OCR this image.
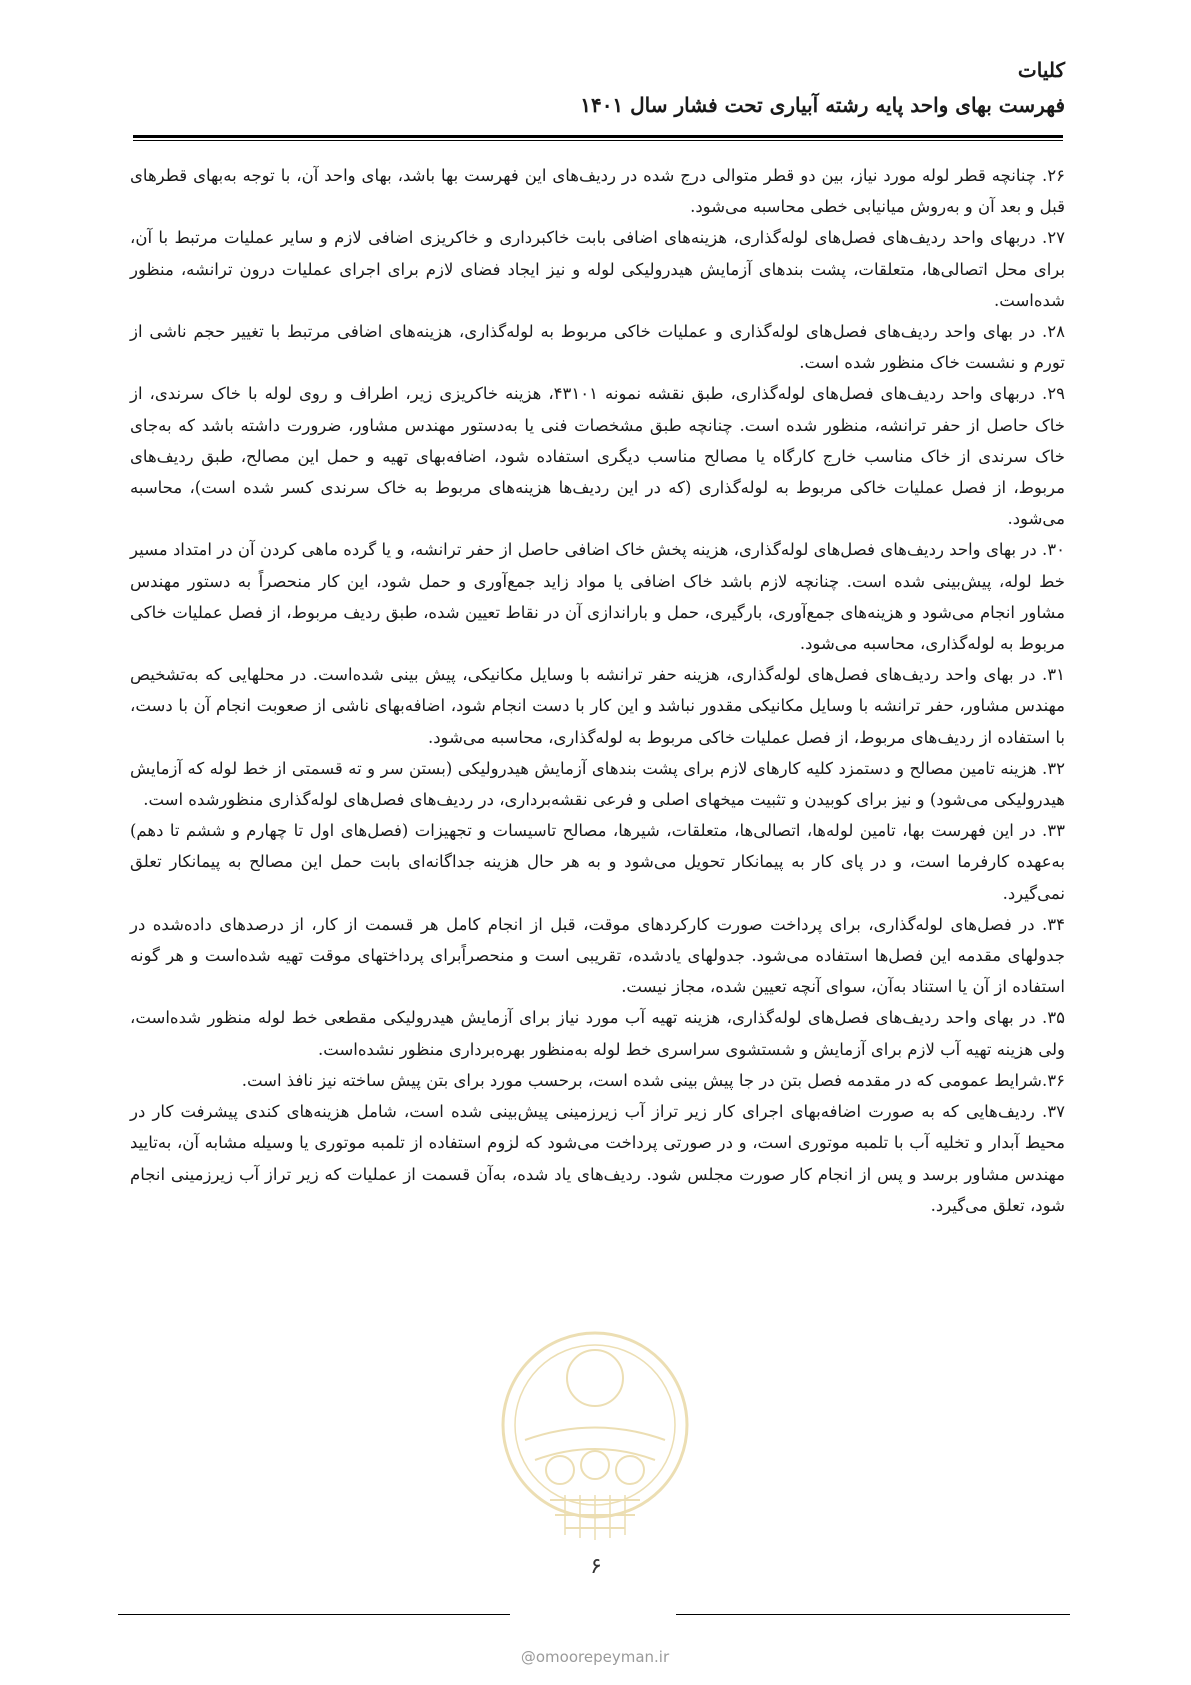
کلیات
فهرست بهای واحد پایه رشته آبیاری تحت فشار سال ۱۴۰۱

۲۶. چنانچه قطر لوله مورد نیاز، بین دو قطر متوالی درج شده در ردیف‌های این فهرست بها باشد، بهای واحد آن، با توجه به‌بهای قطرهای قبل و بعد آن و به‌روش میانیابی خطی محاسبه می‌شود.

۲۷. دربهای واحد ردیف‌های فصل‌های لوله‌گذاری، هزینه‌های اضافی بابت خاکبرداری و خاکریزی اضافی لازم و سایر عملیات مرتبط با آن، برای محل اتصالی‌ها، متعلقات، پشت بندهای آزمایش هیدرولیکی لوله و نیز ایجاد فضای لازم برای اجرای عملیات درون ترانشه، منظور شده‌است.

۲۸. در بهای واحد ردیف‌های فصل‌های لوله‌گذاری و عملیات خاکی مربوط به لوله‌گذاری، هزینه‌های اضافی مرتبط با تغییر حجم ناشی از تورم و نشست خاک منظور شده است.

۲۹. دربهای واحد ردیف‌های فصل‌های لوله‌گذاری، طبق نقشه نمونه ۴۳۱۰۱، هزینه خاکریزی زیر، اطراف و روی لوله با خاک سرندی، از خاک حاصل از حفر ترانشه، منظور شده است. چنانچه طبق مشخصات فنی یا به‌دستور مهندس مشاور، ضرورت داشته باشد که به‌جای خاک سرندی از خاک مناسب خارج کارگاه یا مصالح مناسب دیگری استفاده شود، اضافه‌بهای تهیه و حمل این مصالح، طبق ردیف‌های مربوط، از فصل عملیات خاکی مربوط به لوله‌گذاری (که در این ردیف‌ها هزینه‌های مربوط به خاک سرندی کسر شده است)، محاسبه می‌شود.

۳۰. در بهای واحد ردیف‌های فصل‌های لوله‌گذاری، هزینه پخش خاک اضافی حاصل از حفر ترانشه، و یا گرده ماهی کردن آن در امتداد مسیر خط لوله، پیش‌بینی شده است. چنانچه لازم باشد خاک اضافی یا مواد زاید جمع‌آوری و حمل شود، این کار منحصراً به دستور مهندس مشاور انجام می‌شود و هزینه‌های جمع‌آوری، بارگیری، حمل و باراندازی آن در نقاط تعیین شده، طبق ردیف مربوط، از فصل عملیات خاکی مربوط به لوله‌گذاری، محاسبه می‌شود.

۳۱. در بهای واحد ردیف‌های فصل‌های لوله‌گذاری، هزینه حفر ترانشه با وسایل مکانیکی، پیش بینی شده‌است. در محلهایی که به‌تشخیص مهندس مشاور، حفر ترانشه با وسایل مکانیکی مقدور نباشد و این کار با دست انجام شود، اضافه‌بهای ناشی از صعوبت انجام آن با دست، با استفاده از ردیف‌های مربوط، از فصل عملیات خاکی مربوط به لوله‌گذاری، محاسبه می‌شود.

۳۲. هزینه تامین مصالح و دستمزد کلیه کارهای لازم برای پشت بندهای آزمایش هیدرولیکی (بستن سر و ته قسمتی از خط لوله که آزمایش هیدرولیکی می‌شود) و نیز برای کوبیدن و تثبیت میخهای اصلی و فرعی نقشه‌برداری، در ردیف‌های فصل‌های لوله‌گذاری منظورشده است.

۳۳. در این فهرست بها، تامین لوله‌ها، اتصالی‌ها، متعلقات، شیرها، مصالح تاسیسات و تجهیزات (فصل‌های اول تا چهارم و ششم تا دهم) به‌عهده کارفرما است، و در پای کار به پیمانکار تحویل می‌شود و به هر حال هزینه جداگانه‌ای بابت حمل این مصالح به پیمانکار تعلق نمی‌گیرد.

۳۴. در فصل‌های لوله‌گذاری، برای پرداخت صورت کارکردهای موقت، قبل از انجام کامل هر قسمت از کار، از درصدهای داده‌شده در جدولهای مقدمه این فصل‌ها استفاده می‌شود. جدولهای یادشده، تقریبی است و منحصراًبرای پرداختهای موقت تهیه شده‌است و هر گونه استفاده از آن یا استناد به‌آن، سوای آنچه تعیین شده، مجاز نیست.

۳۵. در بهای واحد ردیف‌های فصل‌های لوله‌گذاری، هزینه تهیه آب مورد نیاز برای آزمایش هیدرولیکی مقطعی خط لوله منظور شده‌است، ولی هزینه تهیه آب لازم برای آزمایش و شستشوی سراسری خط لوله به‌منظور بهره‌برداری منظور نشده‌است.

۳۶.شرایط عمومی که در مقدمه فصل بتن در جا پیش بینی شده است، برحسب مورد برای بتن پیش ساخته نیز نافذ است.

۳۷. ردیف‌هایی که به صورت اضافه‌بهای اجرای کار زیر تراز آب زیرزمینی پیش‌بینی شده است، شامل هزینه‌های کندی پیشرفت کار در محیط آبدار و تخلیه آب با تلمبه موتوری است، و در صورتی پرداخت می‌شود که لزوم استفاده از تلمبه موتوری یا وسیله مشابه آن، به‌تایید مهندس مشاور برسد و پس از انجام کار صورت مجلس شود. ردیف‌های یاد شده، به‌آن قسمت از عملیات که زیر تراز آب زیرزمینی انجام شود، تعلق می‌گیرد.

۶
@omoorepeyman.ir
